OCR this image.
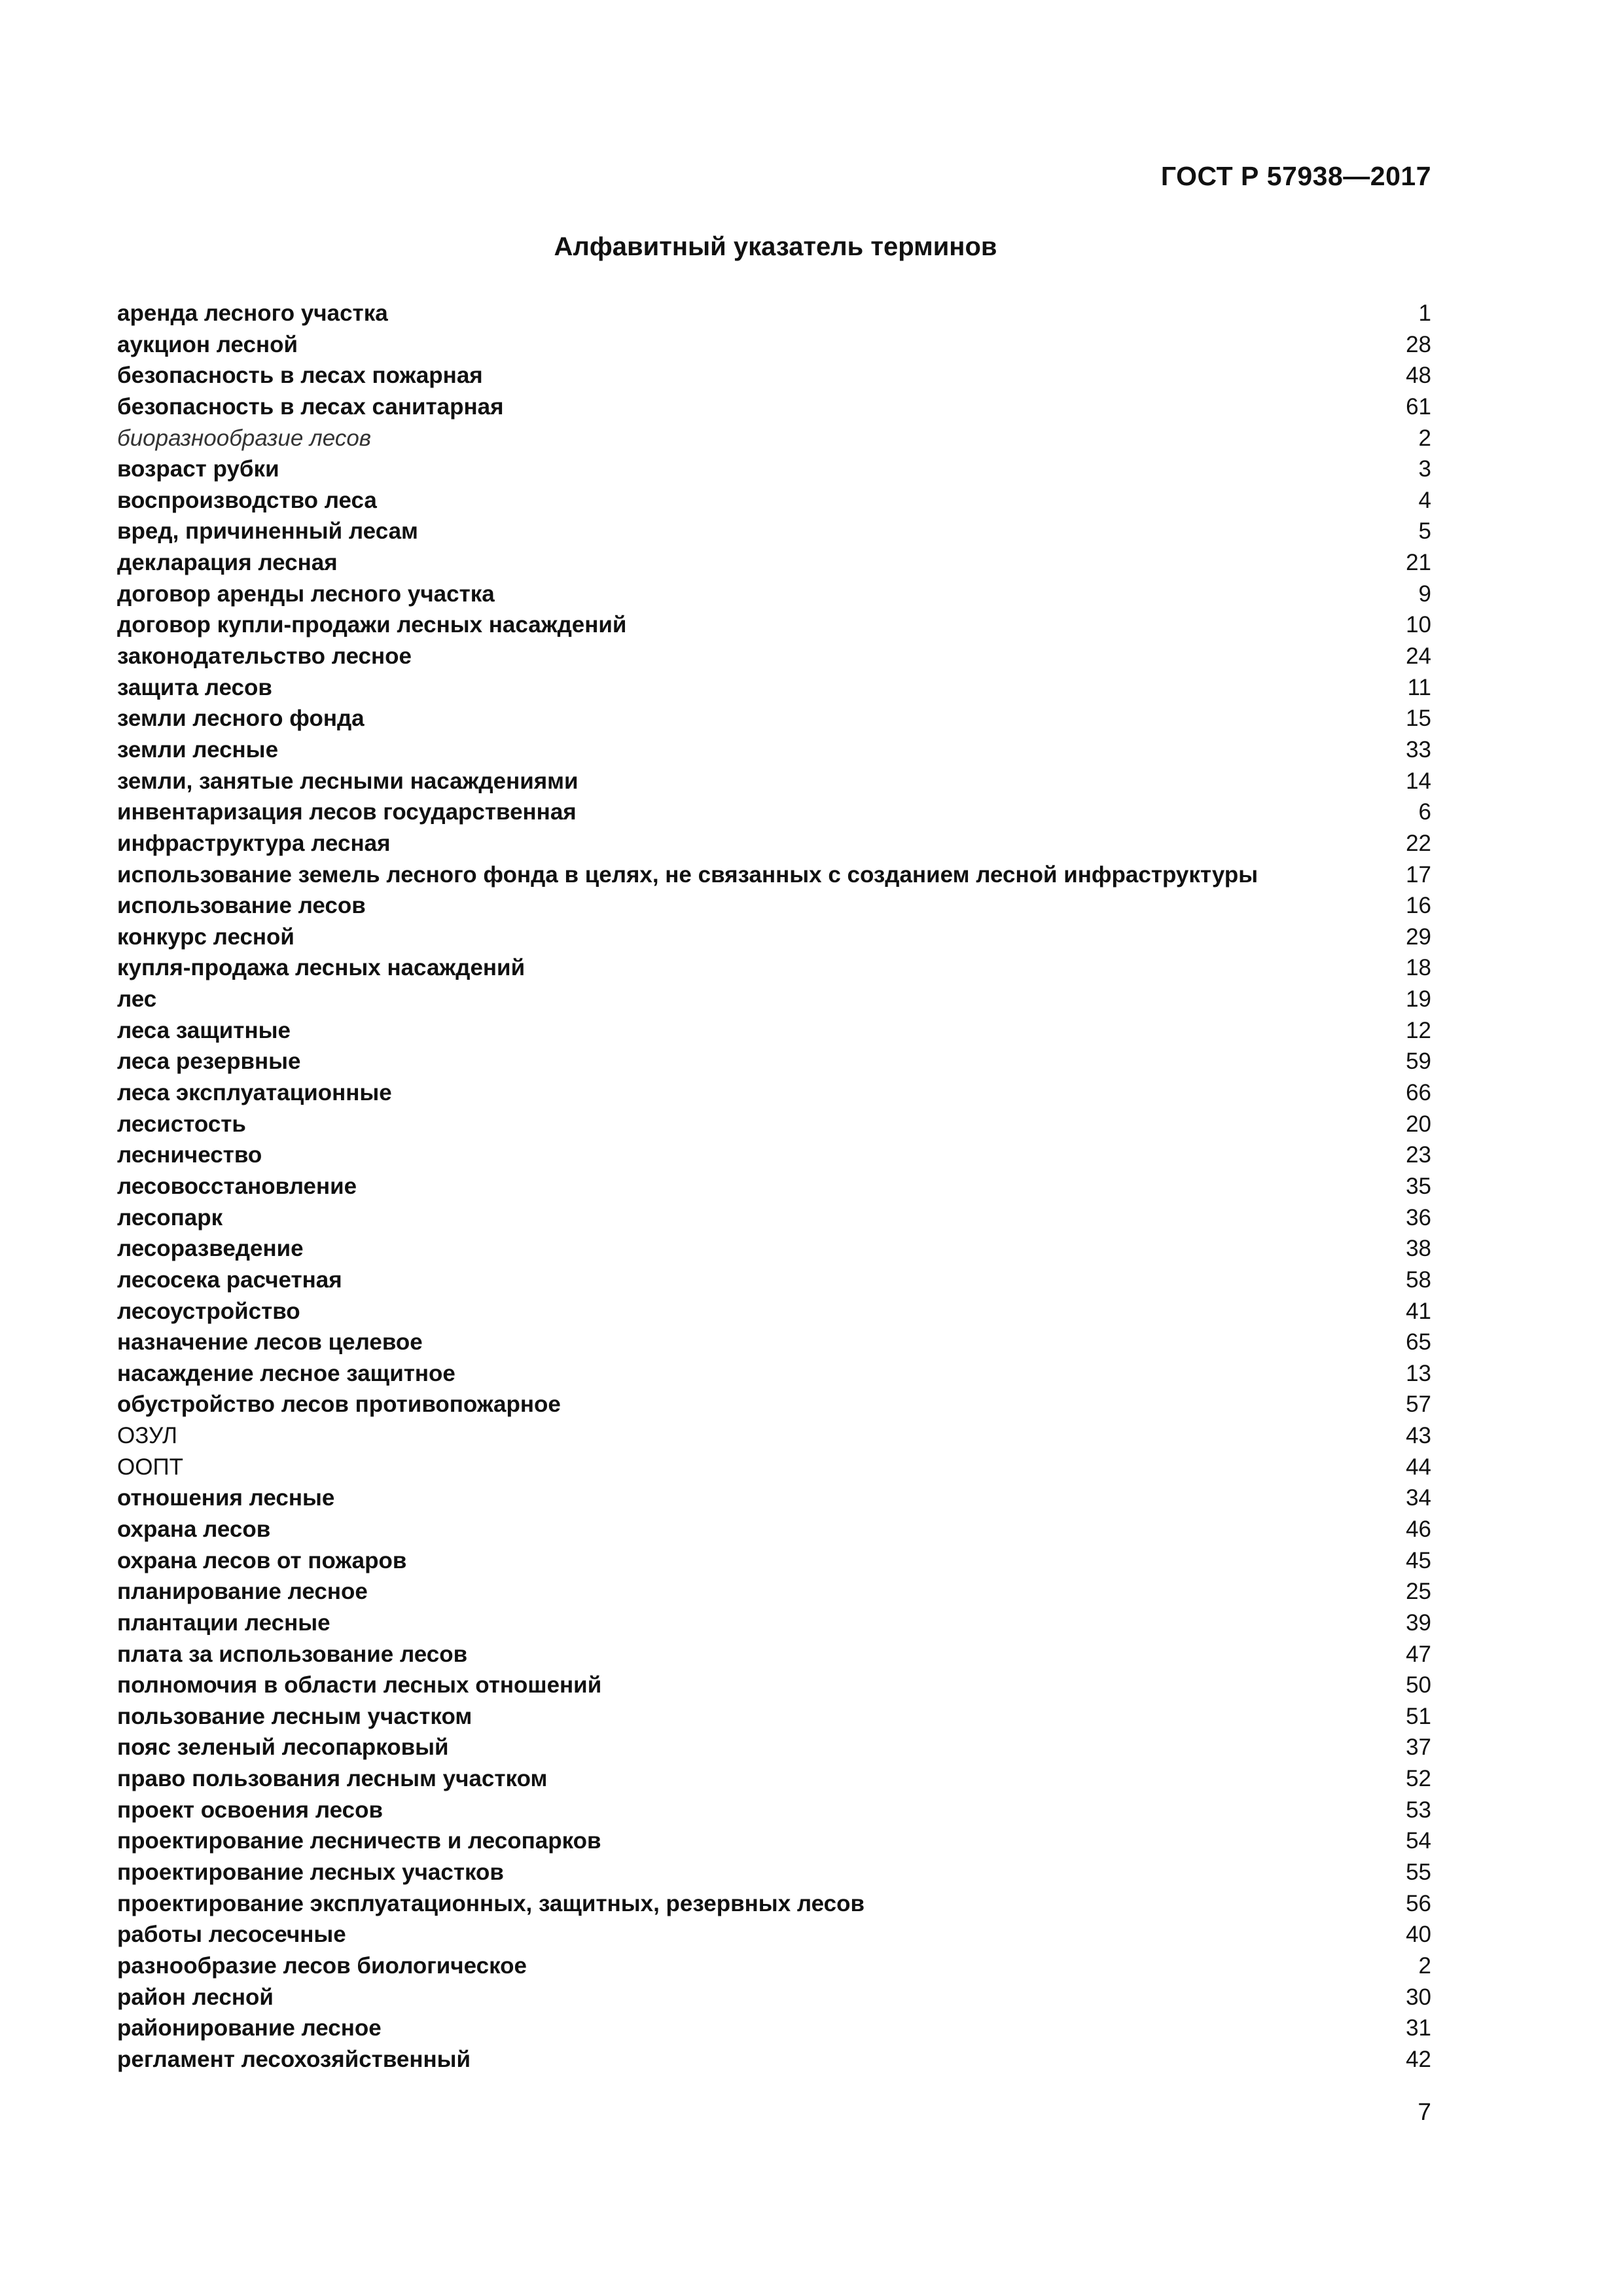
ГОСТ Р 57938—2017
Алфавитный указатель терминов
аренда лесного участка	1
аукцион лесной	28
безопасность в лесах пожарная	48
безопасность в лесах санитарная	61
биоразнообразие лесов	2
возраст рубки	3
воспроизводство леса	4
вред, причиненный лесам	5
декларация лесная	21
договор аренды лесного участка	9
договор купли-продажи лесных насаждений	10
законодательство лесное	24
защита лесов	11
земли лесного фонда	15
земли лесные	33
земли, занятые лесными насаждениями	14
инвентаризация лесов государственная	6
инфраструктура лесная	22
использование земель лесного фонда в целях, не связанных с созданием лесной инфраструктуры	17
использование лесов	16
конкурс лесной	29
купля-продажа лесных насаждений	18
лес	19
леса защитные	12
леса резервные	59
леса эксплуатационные	66
лесистость	20
лесничество	23
лесовосстановление	35
лесопарк	36
лесоразведение	38
лесосека расчетная	58
лесоустройство	41
назначение лесов целевое	65
насаждение лесное защитное	13
обустройство лесов противопожарное	57
ОЗУЛ	43
ООПТ	44
отношения лесные	34
охрана лесов	46
охрана лесов от пожаров	45
планирование лесное	25
плантации лесные	39
плата за использование лесов	47
полномочия в области лесных отношений	50
пользование лесным участком	51
пояс зеленый лесопарковый	37
право пользования лесным участком	52
проект освоения лесов	53
проектирование лесничеств и лесопарков	54
проектирование лесных участков	55
проектирование эксплуатационных, защитных, резервных лесов	56
работы лесосечные	40
разнообразие лесов биологическое	2
район лесной	30
районирование лесное	31
регламент лесохозяйственный	42
7
